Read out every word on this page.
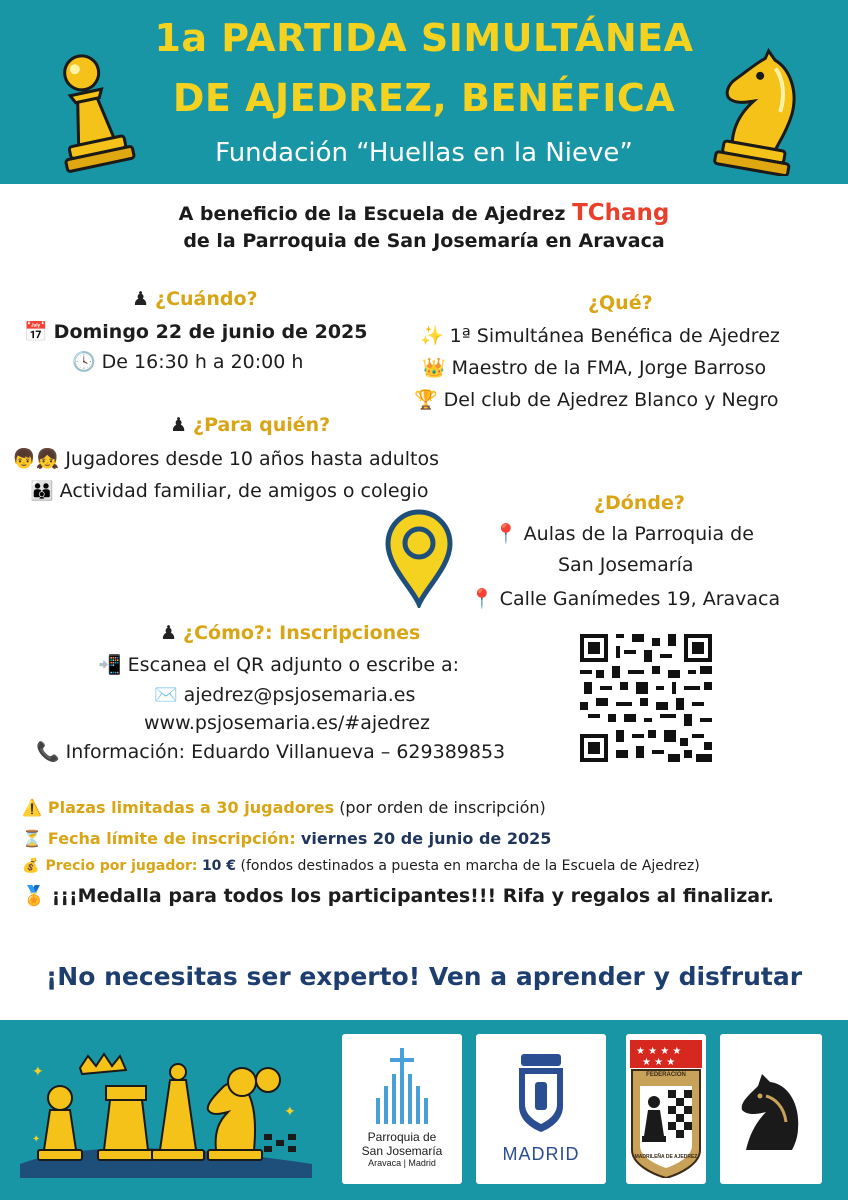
1a PARTIDA SIMULTÁNEA
DE AJEDREZ, BENÉFICA
Fundación “Huellas en la Nieve”
A beneficio de la Escuela de Ajedrez TChang
de la Parroquia de San Josemaría en Aravaca
♟ ¿Cuándo?
📅 Domingo 22 de junio de 2025
🕓 De 16:30 h a 20:00 h
¿Qué?
✨ 1ª Simultánea Benéfica de Ajedrez
👑 Maestro de la FMA, Jorge Barroso
🏆 Del club de Ajedrez Blanco y Negro
♟ ¿Para quién?
👦👧 Jugadores desde 10 años hasta adultos
👪 Actividad familiar, de amigos o colegio
¿Dónde?
📍 Aulas de la Parroquia de
San Josemaría
📍 Calle Ganímedes 19, Aravaca
♟ ¿Cómo?: Inscripciones
📲 Escanea el QR adjunto o escribe a:
✉️ ajedrez@psjosemaria.es
www.psjosemaria.es/#ajedrez
📞 Información: Eduardo Villanueva – 629389853
⚠️ Plazas limitadas a 30 jugadores (por orden de inscripción)
⏳ Fecha límite de inscripción: viernes 20 de junio de 2025
💰 Precio por jugador: 10 € (fondos destinados a puesta en marcha de la Escuela de Ajedrez)
🏅 ¡¡¡Medalla para todos los participantes!!! Rifa y regalos al finalizar.
¡No necesitas ser experto! Ven a aprender y disfrutar
✦
✦
✦	Parroquia de
San Josemaría
Aravaca | Madrid	MADRID
★ ★ ★ ★
★ ★ ★
FEDERACION
MADRILEÑA DE AJEDREZ
